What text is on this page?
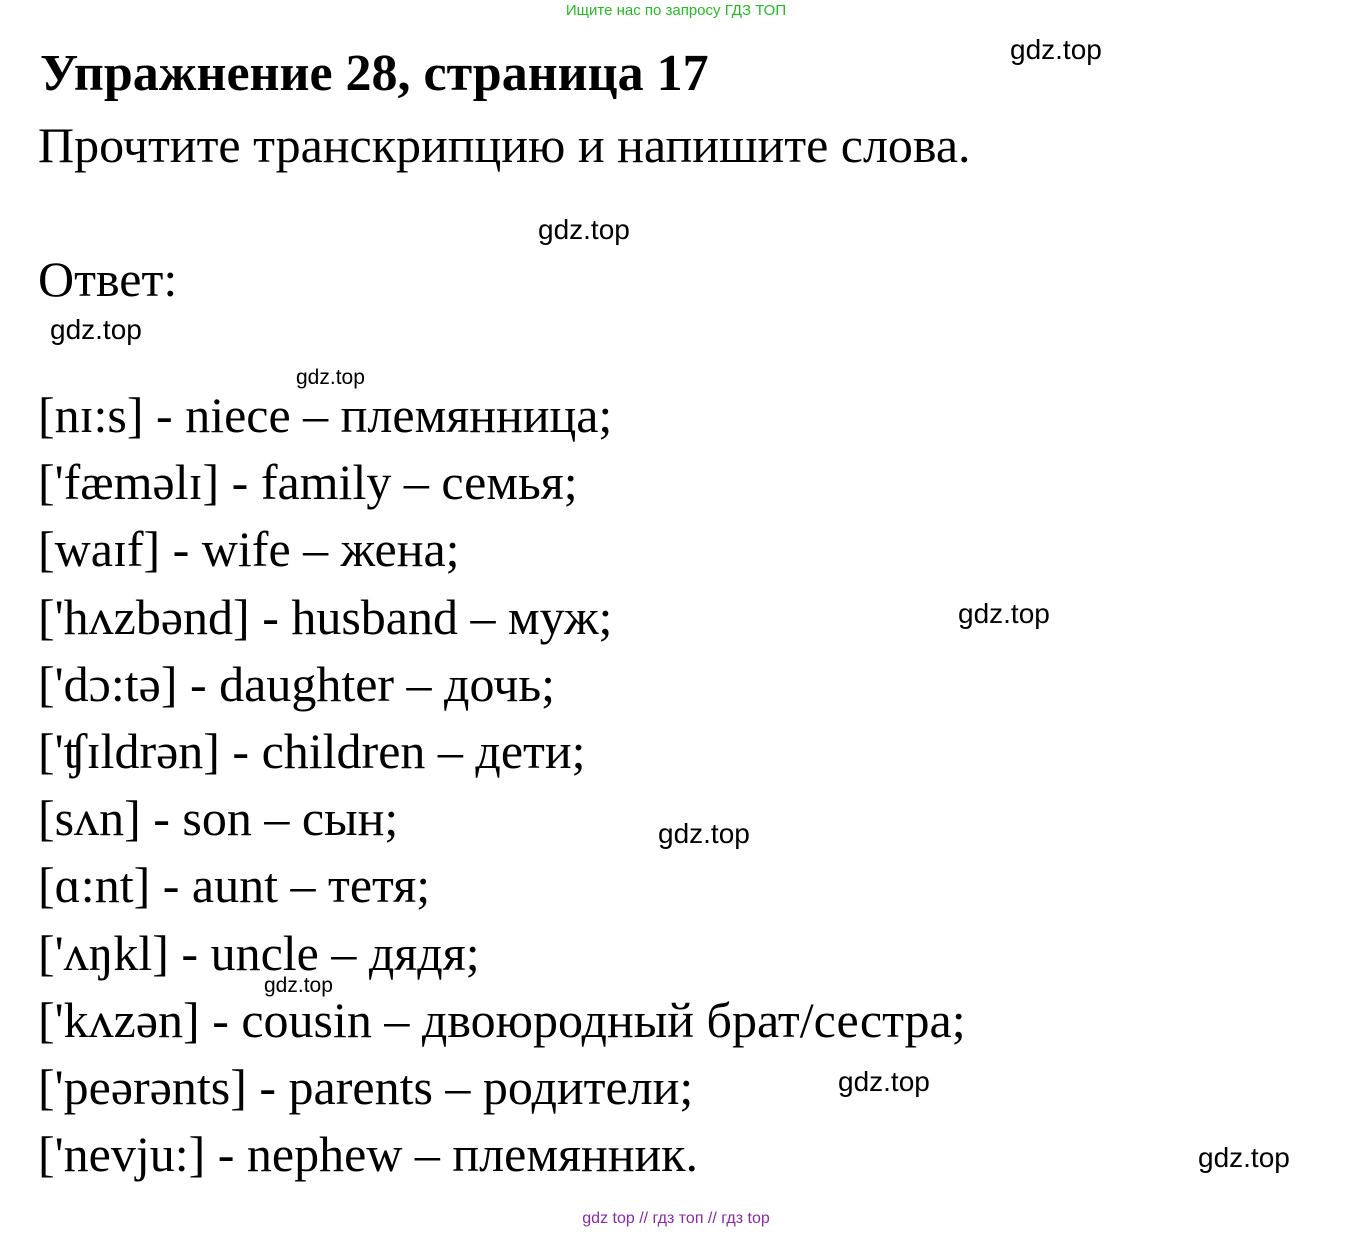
Ищите нас по запросу ГДЗ ТОП
Упражнение 28, страница 17
Прочтите транскрипцию и напишите слова.
Ответ:
[nɪ:s] - niece – племянница;
['fæməlɪ] - family – семья;
[waɪf] - wife – жена;
['hʌzbənd] - husband – муж;
['dɔ:tə] - daughter – дочь;
['ʧɪldrən] - children – дети;
[sʌn] - son – сын;
[ɑ:nt] - aunt – тетя;
['ʌŋkl] - uncle – дядя;
['kʌzən] - cousin – двоюродный брат/сестра;
['peərənts] - parents – родители;
['nevju:] - nephew – племянник.
gdz.top
gdz.top
gdz.top
gdz.top
gdz.top
gdz.top
gdz.top
gdz.top
gdz.top
gdz top // гдз топ // гдз top
